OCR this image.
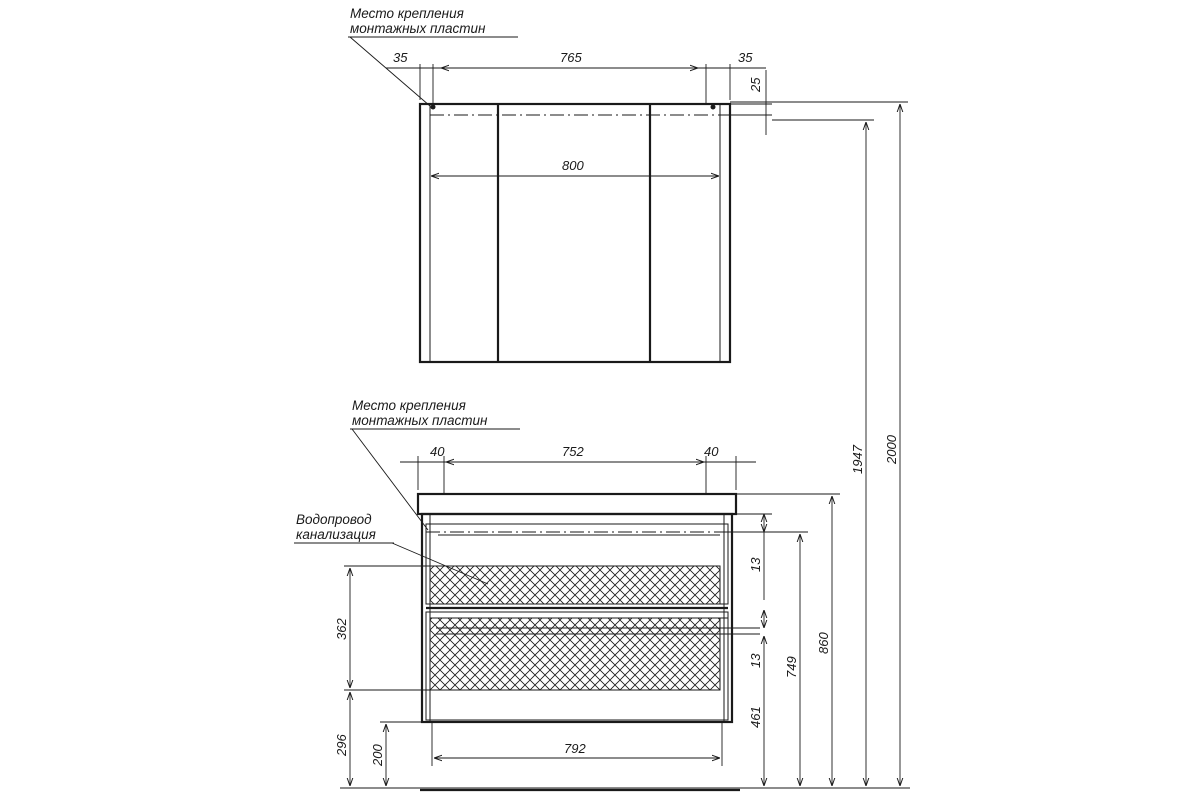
35	765	35
25
800
Место крепления
монтажных пластин
40	752	40
792
Место крепления
монтажных пластин
Водопровод
канализация
362
296 200
13
13
461
749
860
1947 2000
